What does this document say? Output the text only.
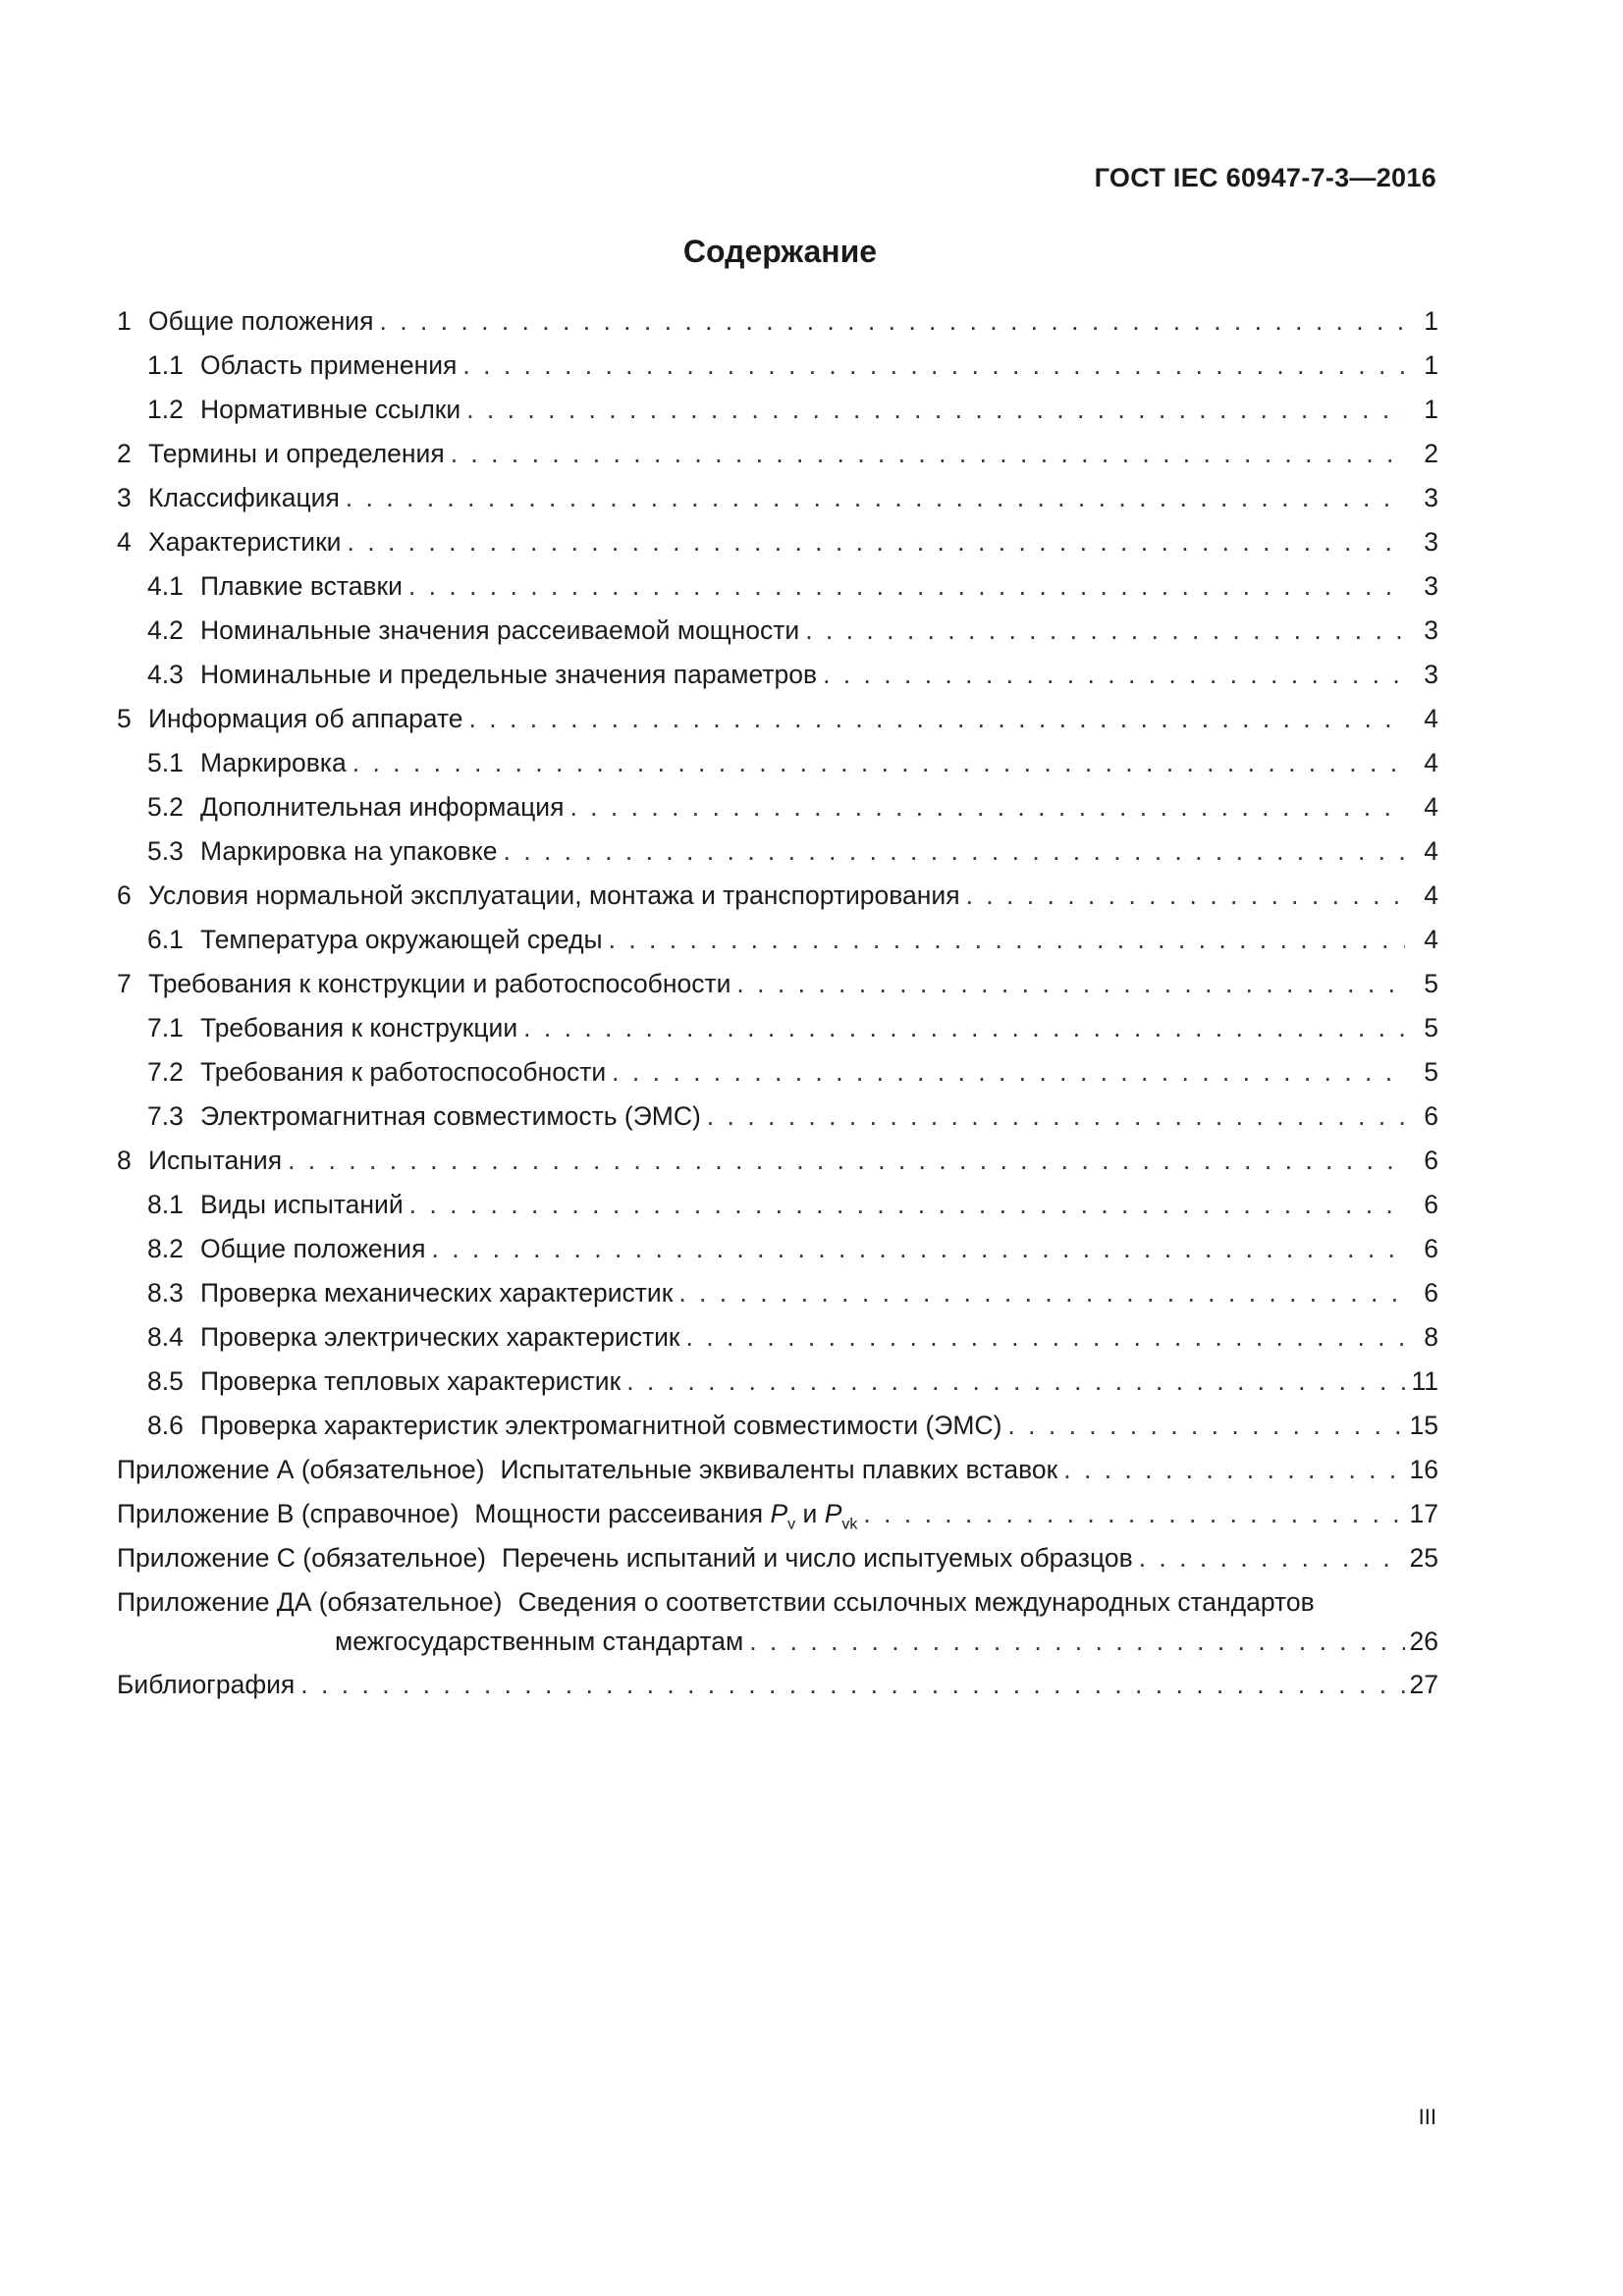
ГОСТ IEC 60947-7-3—2016
Содержание
1 Общие положения . . .	1
1.1 Область применения . . .	1
1.2 Нормативные ссылки . . .	1
2 Термины и определения . . .	2
3 Классификация . . .	3
4 Характеристики . . .	3
4.1 Плавкие вставки . . .	3
4.2 Номинальные значения рассеиваемой мощности . . .	3
4.3 Номинальные и предельные значения параметров . . .	3
5 Информация об аппарате . . .	4
5.1 Маркировка . . .	4
5.2 Дополнительная информация . . .	4
5.3 Маркировка на упаковке . . .	4
6 Условия нормальной эксплуатации, монтажа и транспортирования . . .	4
6.1 Температура окружающей среды . . .	4
7 Требования к конструкции и работоспособности . . .	5
7.1 Требования к конструкции . . .	5
7.2 Требования к работоспособности . . .	5
7.3 Электромагнитная совместимость (ЭМС) . . .	6
8 Испытания . . .	6
8.1 Виды испытаний . . .	6
8.2 Общие положения . . .	6
8.3 Проверка механических характеристик . . .	6
8.4 Проверка электрических характеристик . . .	8
8.5 Проверка тепловых характеристик . . .	11
8.6 Проверка характеристик электромагнитной совместимости (ЭМС) . . .	15
Приложение А (обязательное) Испытательные эквиваленты плавких вставок . . .	16
Приложение В (справочное) Мощности рассеивания $P_v$ и $P_{vk}$ . . .	17
Приложение С (обязательное) Перечень испытаний и число испытуемых образцов . . .	25
Приложение ДА (обязательное) Сведения о соответствии ссылочных международных стандартов
межгосударственным стандартам . . .	26
Библиография . . .	27
III
